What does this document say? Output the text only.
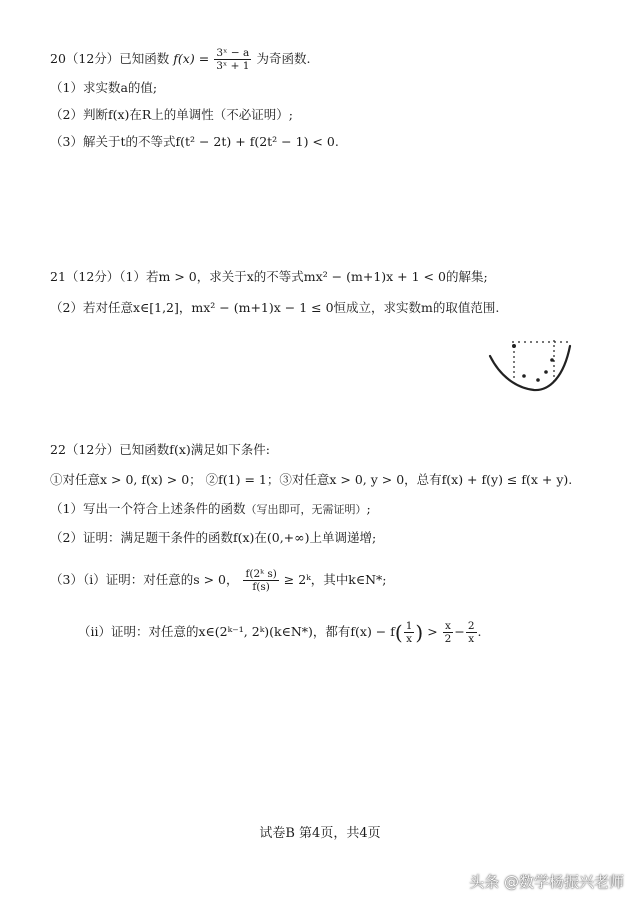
20（12分）已知函数 $f(x) = \frac{\text{3ˣ − a}}{\text{3ˣ + 1}}$ 为奇函数.
（1）求实数a的值;
（2）判断f(x)在R上的单调性（不必证明）;
（3）解关于t的不等式f(t² − 2t) + f(2t² − 1) < 0.
21（12分）（1）若m > 0，求关于x的不等式mx² − (m+1)x + 1 < 0的解集;
（2）若对任意x∈[1,2]，mx² − (m+1)x − 1 ≤ 0恒成立，求实数m的取值范围.
22（12分）已知函数f(x)满足如下条件:
①对任意x > 0, f(x) > 0； ②f(1) = 1；③对任意x > 0, y > 0，总有f(x) + f(y) ≤ f(x + y).
（1）写出一个符合上述条件的函数（写出即可，无需证明）;
（2）证明：满足题干条件的函数f(x)在(0,+∞)上单调递增;
（3）（i）证明：对任意的s > 0， $\frac{\text{f(2ᵏ s)}}{f(s)}$ ≥ 2ᵏ，其中k∈N*;
（ii）证明：对任意的x∈(2ᵏ⁻¹, 2ᵏ)(k∈N*)，都有$f(x) - f( \frac{1}{x}$ ) > $\frac{x}{2} - \frac{2}{x}$ .
试卷B 第4页，共4页
头条 @数学杨振兴老师
